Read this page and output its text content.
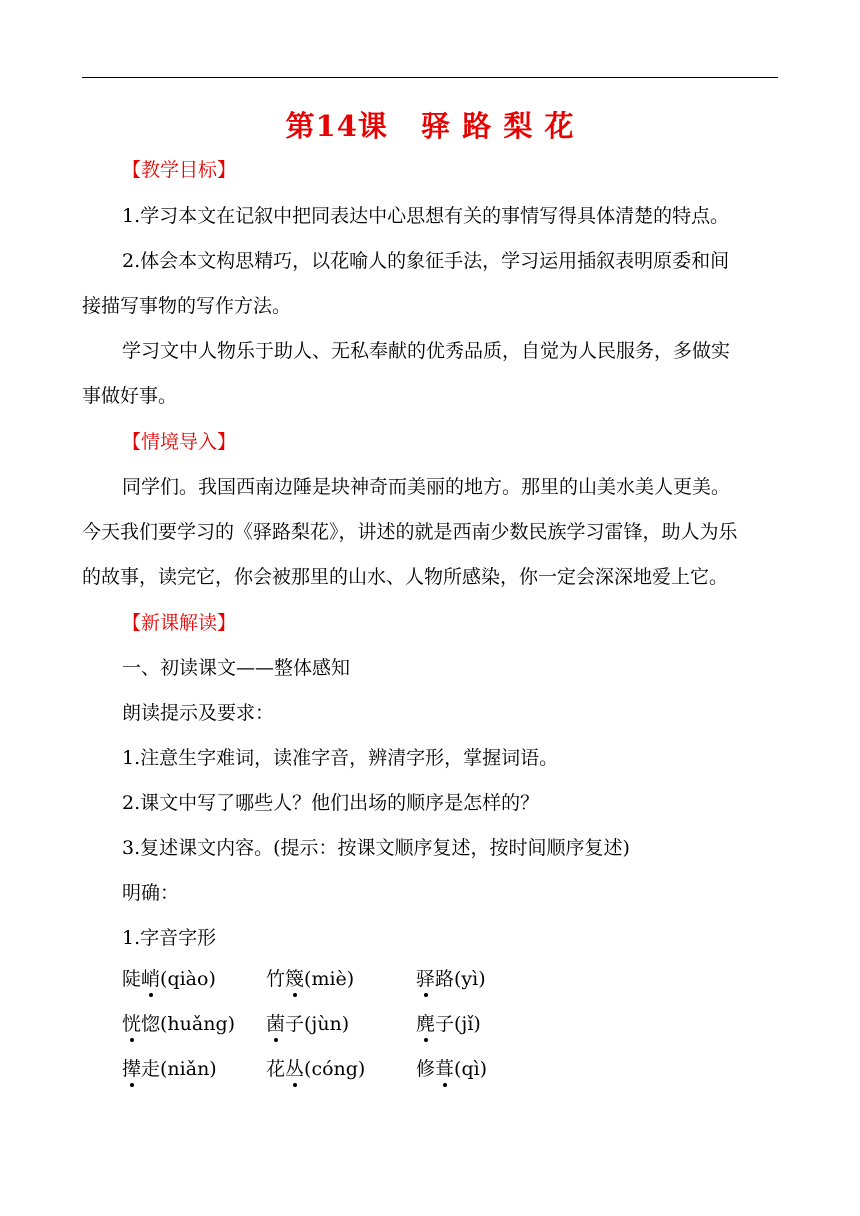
第14课   驿 路 梨 花
【教学目标】
1.学习本文在记叙中把同表达中心思想有关的事情写得具体清楚的特点。
2.体会本文构思精巧，以花喻人的象征手法，学习运用插叙表明原委和间
接描写事物的写作方法。
学习文中人物乐于助人、无私奉献的优秀品质，自觉为人民服务，多做实
事做好事。
【情境导入】
同学们。我国西南边陲是块神奇而美丽的地方。那里的山美水美人更美。
今天我们要学习的《驿路梨花》，讲述的就是西南少数民族学习雷锋，助人为乐
的故事，读完它，你会被那里的山水、人物所感染，你一定会深深地爱上它。
【新课解读】
一、初读课文——整体感知
朗读提示及要求：
1.注意生字难词，读准字音，辨清字形，掌握词语。
2.课文中写了哪些人？他们出场的顺序是怎样的？
3.复述课文内容。(提示：按课文顺序复述，按时间顺序复述)
明确：
1.字音字形
陡峭(qiào)	竹篾(miè)	驿路(yì)
恍惚(huǎng) 菌子(jùn)	麂子(jǐ)
撵走(niǎn)	花丛(cóng)	修葺(qì)
